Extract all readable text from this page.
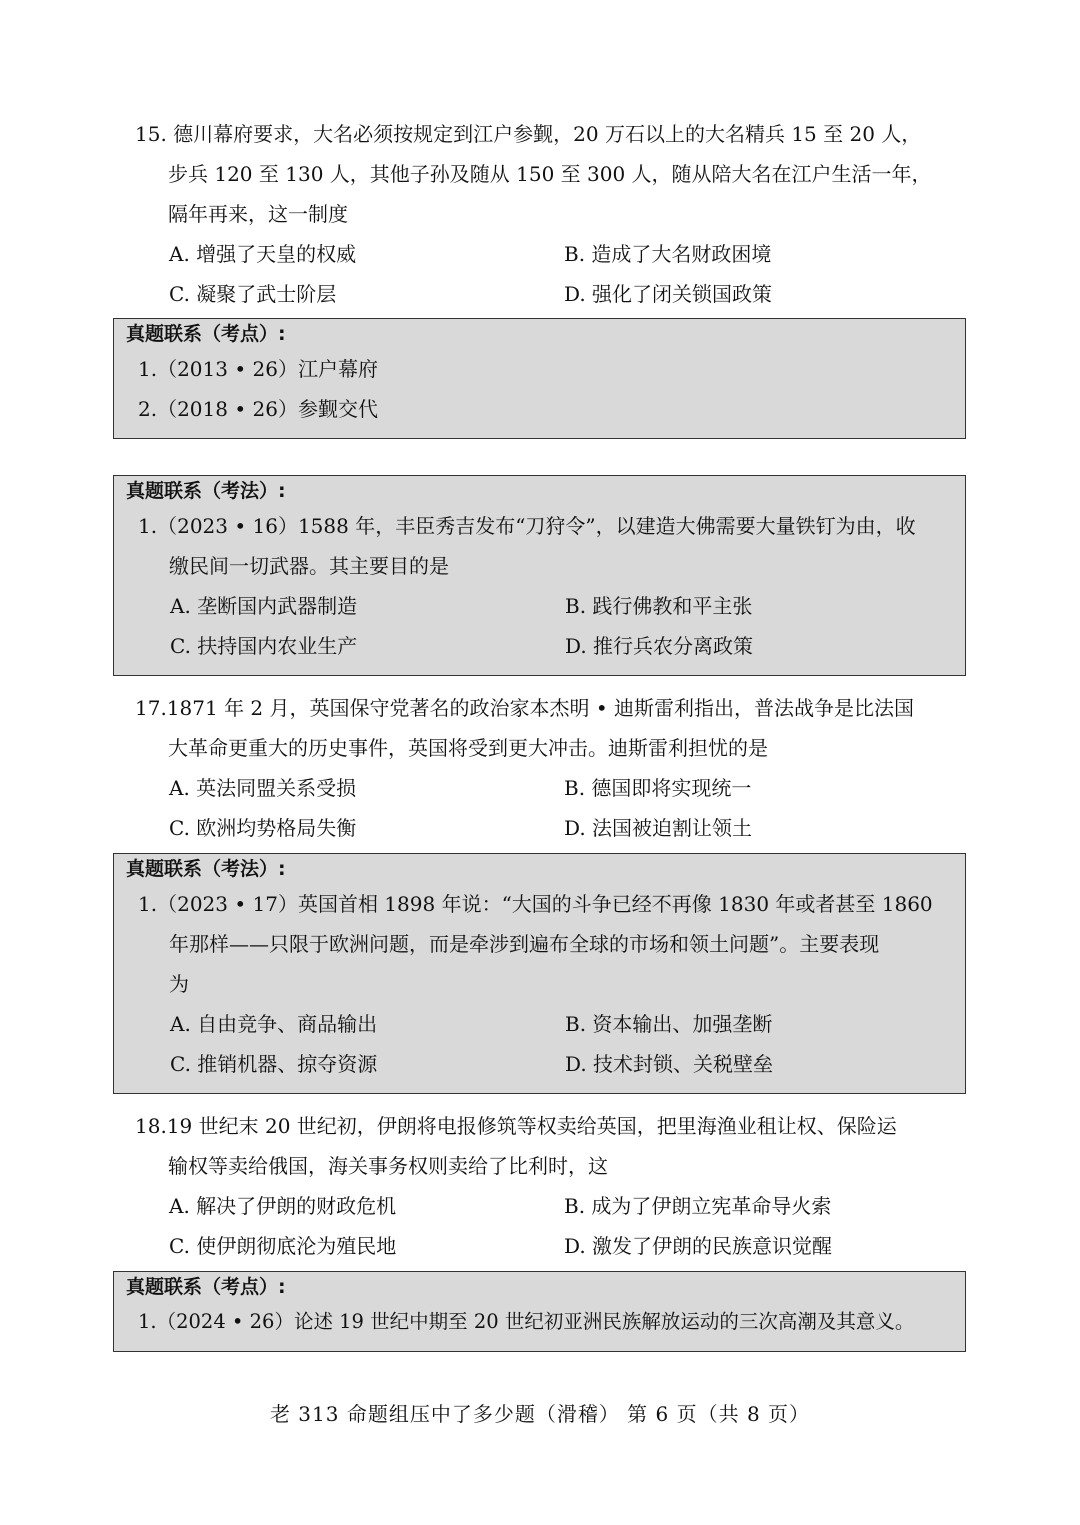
15. 德川幕府要求，大名必须按规定到江户参觐，20 万石以上的大名精兵 15 至 20 人，
步兵 120 至 130 人，其他子孙及随从 150 至 300 人，随从陪大名在江户生活一年，
隔年再来，这一制度
A. 增强了天皇的权威	B. 造成了大名财政困境
C. 凝聚了武士阶层	D. 强化了闭关锁国政策
真题联系（考点）:
1.（2013 • 26）江户幕府
2.（2018 • 26）参觐交代
真题联系（考法）:
1.（2023 • 16）1588 年，丰臣秀吉发布“刀狩令”，以建造大佛需要大量铁钉为由，收
缴民间一切武器。其主要目的是
A. 垄断国内武器制造	B. 践行佛教和平主张
C. 扶持国内农业生产	D. 推行兵农分离政策
17.1871 年 2 月，英国保守党著名的政治家本杰明 • 迪斯雷利指出，普法战争是比法国
大革命更重大的历史事件，英国将受到更大冲击。迪斯雷利担忧的是
A. 英法同盟关系受损	B. 德国即将实现统一
C. 欧洲均势格局失衡	D. 法国被迫割让领土
真题联系（考法）:
1.（2023 • 17）英国首相 1898 年说：“大国的斗争已经不再像 1830 年或者甚至 1860
年那样——只限于欧洲问题，而是牵涉到遍布全球的市场和领土问题”。主要表现
为
A. 自由竞争、商品输出	B. 资本输出、加强垄断
C. 推销机器、掠夺资源	D. 技术封锁、关税壁垒
18.19 世纪末 20 世纪初，伊朗将电报修筑等权卖给英国，把里海渔业租让权、保险运
输权等卖给俄国，海关事务权则卖给了比利时，这
A. 解决了伊朗的财政危机	B. 成为了伊朗立宪革命导火索
C. 使伊朗彻底沦为殖民地	D. 激发了伊朗的民族意识觉醒
真题联系（考点）:
1.（2024 • 26）论述 19 世纪中期至 20 世纪初亚洲民族解放运动的三次高潮及其意义。
老 313 命题组压中了多少题（滑稽） 第 6 页（共 8 页）
